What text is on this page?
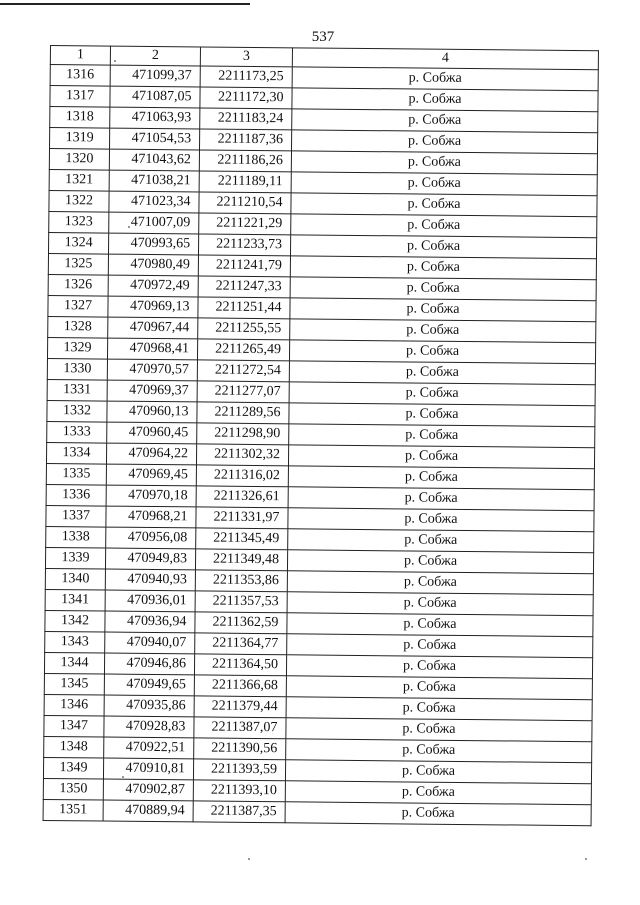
537
1	2	3	4
1316	471099,37	2211173,25	р. Собжа
1317	471087,05	2211172,30	р. Собжа
1318	471063,93	2211183,24	р. Собжа
1319	471054,53	2211187,36	р. Собжа
1320	471043,62	2211186,26	р. Собжа
1321	471038,21	2211189,11	р. Собжа
1322	471023,34	2211210,54	р. Собжа
1323	471007,09	2211221,29	р. Собжа
1324	470993,65	2211233,73	р. Собжа
1325	470980,49	2211241,79	р. Собжа
1326	470972,49	2211247,33	р. Собжа
1327	470969,13	2211251,44	р. Собжа
1328	470967,44	2211255,55	р. Собжа
1329	470968,41	2211265,49	р. Собжа
1330	470970,57	2211272,54	р. Собжа
1331	470969,37	2211277,07	р. Собжа
1332	470960,13	2211289,56	р. Собжа
1333	470960,45	2211298,90	р. Собжа
1334	470964,22	2211302,32	р. Собжа
1335	470969,45	2211316,02	р. Собжа
1336	470970,18	2211326,61	р. Собжа
1337	470968,21	2211331,97	р. Собжа
1338	470956,08	2211345,49	р. Собжа
1339	470949,83	2211349,48	р. Собжа
1340	470940,93	2211353,86	р. Собжа
1341	470936,01	2211357,53	р. Собжа
1342	470936,94	2211362,59	р. Собжа
1343	470940,07	2211364,77	р. Собжа
1344	470946,86	2211364,50	р. Собжа
1345	470949,65	2211366,68	р. Собжа
1346	470935,86	2211379,44	р. Собжа
1347	470928,83	2211387,07	р. Собжа
1348	470922,51	2211390,56	р. Собжа
1349	470910,81	2211393,59	р. Собжа
1350	470902,87	2211393,10	р. Собжа
1351	470889,94	2211387,35	р. Собжа
